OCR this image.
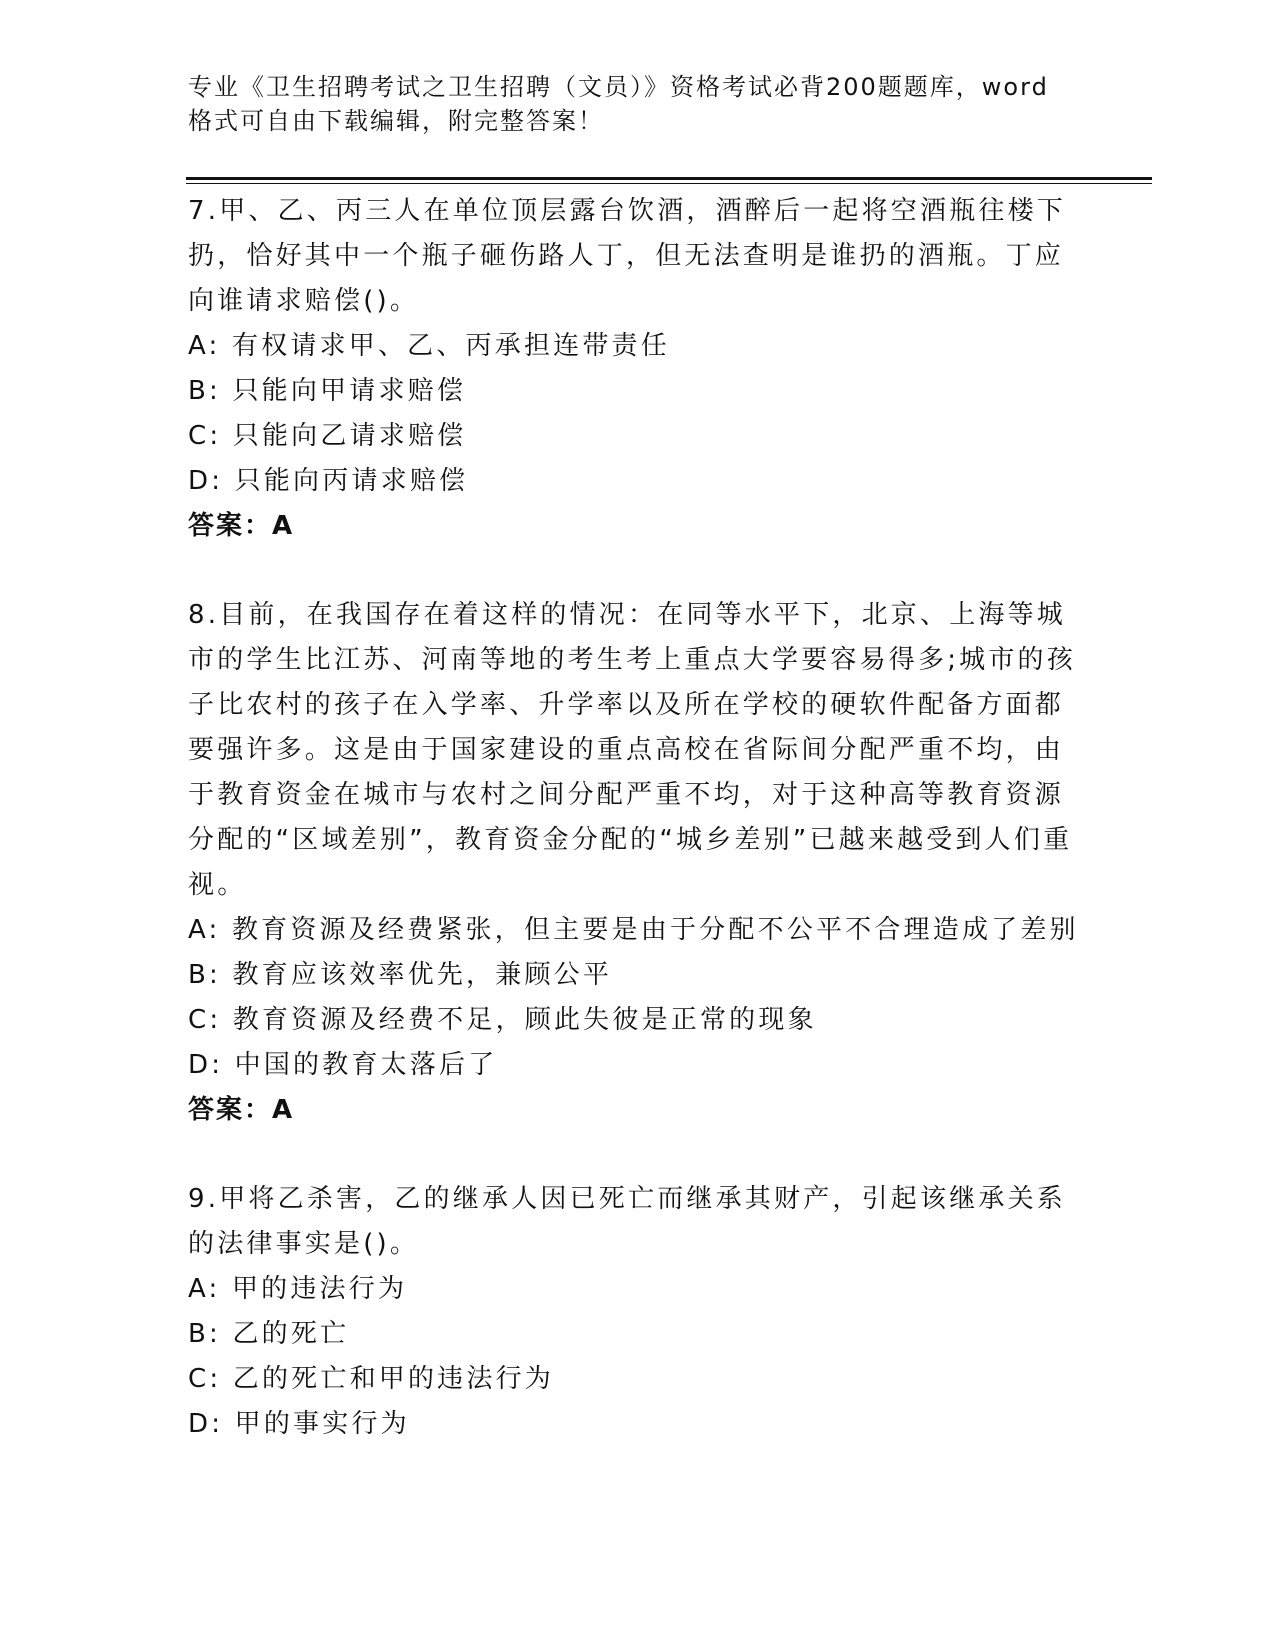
专业《卫生招聘考试之卫生招聘（文员）》资格考试必背200题题库，word格式可自由下载编辑，附完整答案！

7.甲、乙、丙三人在单位顶层露台饮酒，酒醉后一起将空酒瓶往楼下扔，恰好其中一个瓶子砸伤路人丁，但无法查明是谁扔的酒瓶。丁应向谁请求赔偿()。

A: 有权请求甲、乙、丙承担连带责任

B: 只能向甲请求赔偿

C: 只能向乙请求赔偿

D: 只能向丙请求赔偿

答案：A

8.目前，在我国存在着这样的情况：在同等水平下，北京、上海等城市的学生比江苏、河南等地的考生考上重点大学要容易得多;城市的孩子比农村的孩子在入学率、升学率以及所在学校的硬软件配备方面都要强许多。这是由于国家建设的重点高校在省际间分配严重不均，由于教育资金在城市与农村之间分配严重不均，对于这种高等教育资源分配的“区域差别”，教育资金分配的“城乡差别”已越来越受到人们重视。

A: 教育资源及经费紧张，但主要是由于分配不公平不合理造成了差别

B: 教育应该效率优先，兼顾公平

C: 教育资源及经费不足，顾此失彼是正常的现象

D: 中国的教育太落后了

答案：A

9.甲将乙杀害，乙的继承人因已死亡而继承其财产，引起该继承关系的法律事实是()。

A: 甲的违法行为

B: 乙的死亡

C: 乙的死亡和甲的违法行为

D: 甲的事实行为
